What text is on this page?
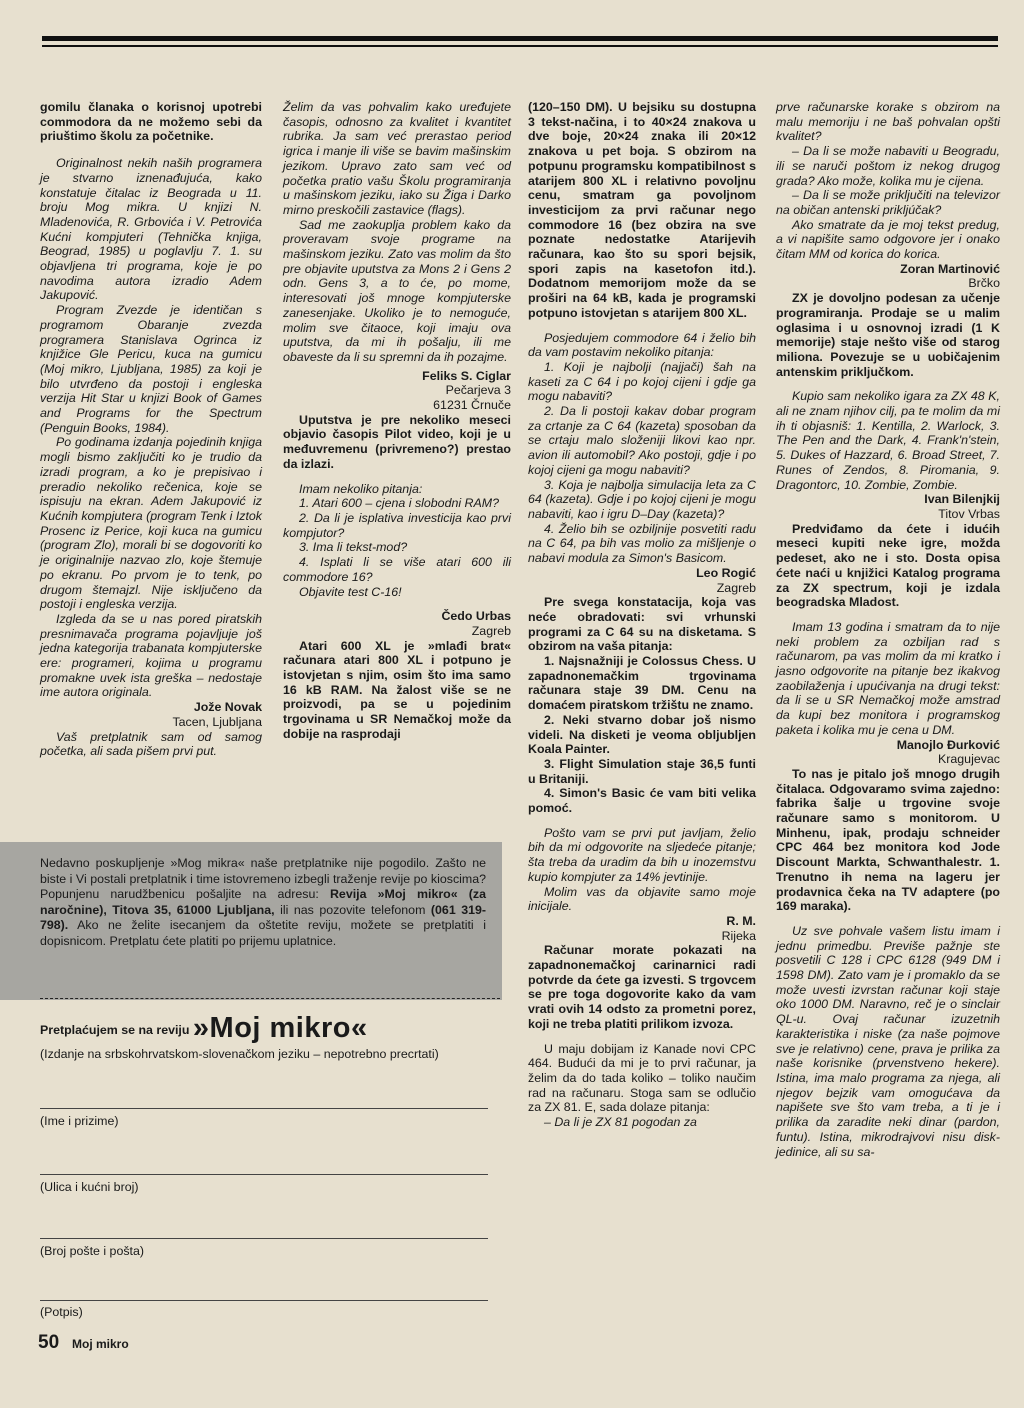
gomilu članaka o korisnoj upotrebi commodora da ne možemo sebi da priuštimo školu za početnike.

Originalnost nekih naših programera je stvarno iznenađujuća, kako konstatuje čitalac iz Beograda u 11. broju Mog mikra. U knjizi N. Mladenovića, R. Grbovića i V. Petrovića Kućni kompjuteri (Tehnička knjiga, Beograd, 1985) u poglavlju 7. 1. su objavljena tri programa, koje je po navodima autora izradio Adem Jakupović.

Program Zvezde je identičan s programom Obaranje zvezda programera Stanislava Ogrinca iz knjižice Gle Pericu, kuca na gumicu (Moj mikro, Ljubljana, 1985) za koji je bilo utvrđeno da postoji i engleska verzija Hit Star u knjizi Book of Games and Programs for the Spectrum (Penguin Books, 1984).

Po godinama izdanja pojedinih knjiga mogli bismo zaključiti ko je trudio da izradi program, a ko je prepisivao i preradio nekoliko rečenica, koje se ispisuju na ekran. Adem Jakupović iz Kućnih kompjutera (program Tenk i Iztok Prosenc iz Perice, koji kuca na gumicu (program Zlo), morali bi se dogovoriti ko je originalnije nazvao zlo, koje štemuje po ekranu. Po prvom je to tenk, po drugom štemajzl. Nije isključeno da postoji i engleska verzija.

Izgleda da se u nas pored piratskih presnimavača programa pojavljuje još jedna kategorija trabanata kompjuterske ere: programeri, kojima u programu promakne uvek ista greška – nedostaje ime autora originala.

Jože Novak

Tacen, Ljubljana

Vaš pretplatnik sam od samog početka, ali sada pišem prvi put.

Želim da vas pohvalim kako uređujete časopis, odnosno za kvalitet i kvantitet rubrika. Ja sam već prerastao period igrica i manje ili više se bavim mašinskim jezikom. Upravo zato sam već od početka pratio vašu Školu programiranja u mašinskom jeziku, iako su Žiga i Darko mirno preskočili zastavice (flags).

Sad me zaokuplja problem kako da proveravam svoje programe na mašinskom jeziku. Zato vas molim da što pre objavite uputstva za Mons 2 i Gens 2 odn. Gens 3, a to će, po mome, interesovati još mnoge kompjuterske zanesenjake. Ukoliko je to nemoguće, molim sve čitaoce, koji imaju ova uputstva, da mi ih pošalju, ili me obaveste da li su spremni da ih pozajme.

Feliks S. Ciglar

Pečarjeva 3

61231 Črnuče

Uputstva je pre nekoliko meseci objavio časopis Pilot video, koji je u međuvremenu (privremeno?) prestao da izlazi.

Imam nekoliko pitanja:

1. Atari 600 – cjena i slobodni RAM?

2. Da li je isplativa investicija kao prvi kompjutor?

3. Ima li tekst-mod?

4. Isplati li se više atari 600 ili commodore 16?

Objavite test C-16!

Čedo Urbas

Zagreb

Atari 600 XL je »mlađi brat« računara atari 800 XL i potpuno je istovjetan s njim, osim što ima samo 16 kB RAM. Na žalost više se ne proizvodi, pa se u pojedinim trgovinama u SR Nemačkoj može da dobije na rasprodaji

(120–150 DM). U bejsiku su dostupna 3 tekst-načina, i to 40×24 znakova u dve boje, 20×24 znaka ili 20×12 znakova u pet boja. S obzirom na potpunu programsku kompatibilnost s atarijem 800 XL i relativno povoljnu cenu, smatram ga povoljnom investicijom za prvi računar nego commodore 16 (bez obzira na sve poznate nedostatke Atarijevih računara, kao što su spori bejsik, spori zapis na kasetofon itd.). Dodatnom memorijom može da se proširi na 64 kB, kada je programski potpuno istovjetan s atarijem 800 XL.

Posjedujem commodore 64 i želio bih da vam postavim nekoliko pitanja:

1. Koji je najbolji (najjači) šah na kaseti za C 64 i po kojoj cijeni i gdje ga mogu nabaviti?

2. Da li postoji kakav dobar program za crtanje za C 64 (kazeta) sposoban da se crtaju malo složeniji likovi kao npr. avion ili automobil? Ako postoji, gdje i po kojoj cijeni ga mogu nabaviti?

3. Koja je najbolja simulacija leta za C 64 (kazeta). Gdje i po kojoj cijeni je mogu nabaviti, kao i igru D–Day (kazeta)?

4. Želio bih se ozbiljnije posvetiti radu na C 64, pa bih vas molio za mišljenje o nabavi modula za Simon's Basicom.

Leo Rogić

Zagreb

Pre svega konstatacija, koja vas neće obradovati: svi vrhunski programi za C 64 su na disketama. S obzirom na vaša pitanja:

1. Najsnažniji je Colossus Chess. U zapadnonemačkim trgovinama računara staje 39 DM. Cenu na domaćem piratskom tržištu ne znamo.

2. Neki stvarno dobar još nismo videli. Na disketi je veoma obljubljen Koala Painter.

3. Flight Simulation staje 36,5 funti u Britaniji.

4. Simon's Basic će vam biti velika pomoć.

Pošto vam se prvi put javljam, želio bih da mi odgovorite na sljedeće pitanje; šta treba da uradim da bih u inozemstvu kupio kompjuter za 14% jevtinije.

Molim vas da objavite samo moje inicijale.

R. M.

Rijeka

Računar morate pokazati na zapadnonemačkoj carinarnici radi potvrde da ćete ga izvesti. S trgovcem se pre toga dogovorite kako da vam vrati ovih 14 odsto za prometni porez, koji ne treba platiti prilikom izvoza.

U maju dobijam iz Kanade novi CPC 464. Budući da mi je to prvi računar, ja želim da do tada koliko – toliko naučim rad na računaru. Stoga sam se odlučio za ZX 81. E, sada dolaze pitanja:

– Da li je ZX 81 pogodan za

prve računarske korake s obzirom na malu memoriju i ne baš pohvalan opšti kvalitet?

– Da li se može nabaviti u Beogradu, ili se naruči poštom iz nekog drugog grada? Ako može, kolika mu je cijena.

– Da li se može priključiti na televizor na običan antenski prikljúčak?

Ako smatrate da je moj tekst predug, a vi napišite samo odgovore jer i onako čitam MM od korica do korica.

Zoran Martinović

Brčko

ZX je dovoljno podesan za učenje programiranja. Prodaje se u malim oglasima i u osnovnoj izradi (1 K memorije) staje nešto više od starog miliona. Povezuje se u uobičajenim antenskim priključkom.

Kupio sam nekoliko igara za ZX 48 K, ali ne znam njihov cilj, pa te molim da mi ih ti objasniš: 1. Kentilla, 2. Warlock, 3. The Pen and the Dark, 4. Frank'n'stein, 5. Dukes of Hazzard, 6. Broad Street, 7. Runes of Zendos, 8. Piromania, 9. Dragontorc, 10. Zombie, Zombie.

Ivan Bilenjkij

Titov Vrbas

Predviđamo da ćete i idućih meseci kupiti neke igre, možda pedeset, ako ne i sto. Dosta opisa ćete naći u knjižici Katalog programa za ZX spectrum, koji je izdala beogradska Mladost.

Imam 13 godina i smatram da to nije neki problem za ozbiljan rad s računarom, pa vas molim da mi kratko i jasno odgovorite na pitanje bez ikakvog zaobilaženja i upućivanja na drugi tekst: da li se u SR Nemačkoj može amstrad da kupi bez monitora i programskog paketa i kolika mu je cena u DM.

Manojlo Đurković

Kragujevac

To nas je pitalo još mnogo drugih čitalaca. Odgovaramo svima zajedno: fabrika šalje u trgovine svoje računare samo s monitorom. U Minhenu, ipak, prodaju schneider CPC 464 bez monitora kod Jode Discount Markta, Schwanthalestr. 1. Trenutno ih nema na lageru jer prodavnica čeka na TV adaptere (po 169 maraka).

Uz sve pohvale vašem listu imam i jednu primedbu. Previše pažnje ste posvetili C 128 i CPC 6128 (949 DM i 1598 DM). Zato vam je i promaklo da se može uvesti izvrstan računar koji staje oko 1000 DM. Naravno, reč je o sinclair QL-u. Ovaj računar izuzetnih karakteristika i niske (za naše pojmove sve je relativno) cene, prava je prilika za naše korisnike (prvenstveno hekere). Istina, ima malo programa za njega, ali njegov bejzik vam omogućava da napišete sve što vam treba, a ti je i prilika da zaradite neki dinar (pardon, funtu). Istina, mikrodrajvovi nisu disk-jedinice, ali su sa-

Nedavno poskupljenje »Mog mikra« naše pretplatnike nije pogodilo. Zašto ne biste i Vi postali pretplatnik i time istovremeno izbegli traženje revije po kioscima? Popunjenu narudžbenicu pošaljite na adresu: Revija »Moj mikro« (za naročnine), Titova 35, 61000 Ljubljana, ili nas pozovite telefonom (061 319-798). Ako ne želite isecanjem da oštetite reviju, možete se pretplatiti i dopisnicom. Pretplatu ćete platiti po prijemu uplatnice.
Pretplaćujem se na reviju »Moj mikro«
(Izdanje na srbskohrvatskom-slovenačkom jeziku – nepotrebno precrtati)
(Ime i prizime)
(Ulica i kućni broj)
(Broj pošte i pošta)
(Potpis)
50 Moj mikro
